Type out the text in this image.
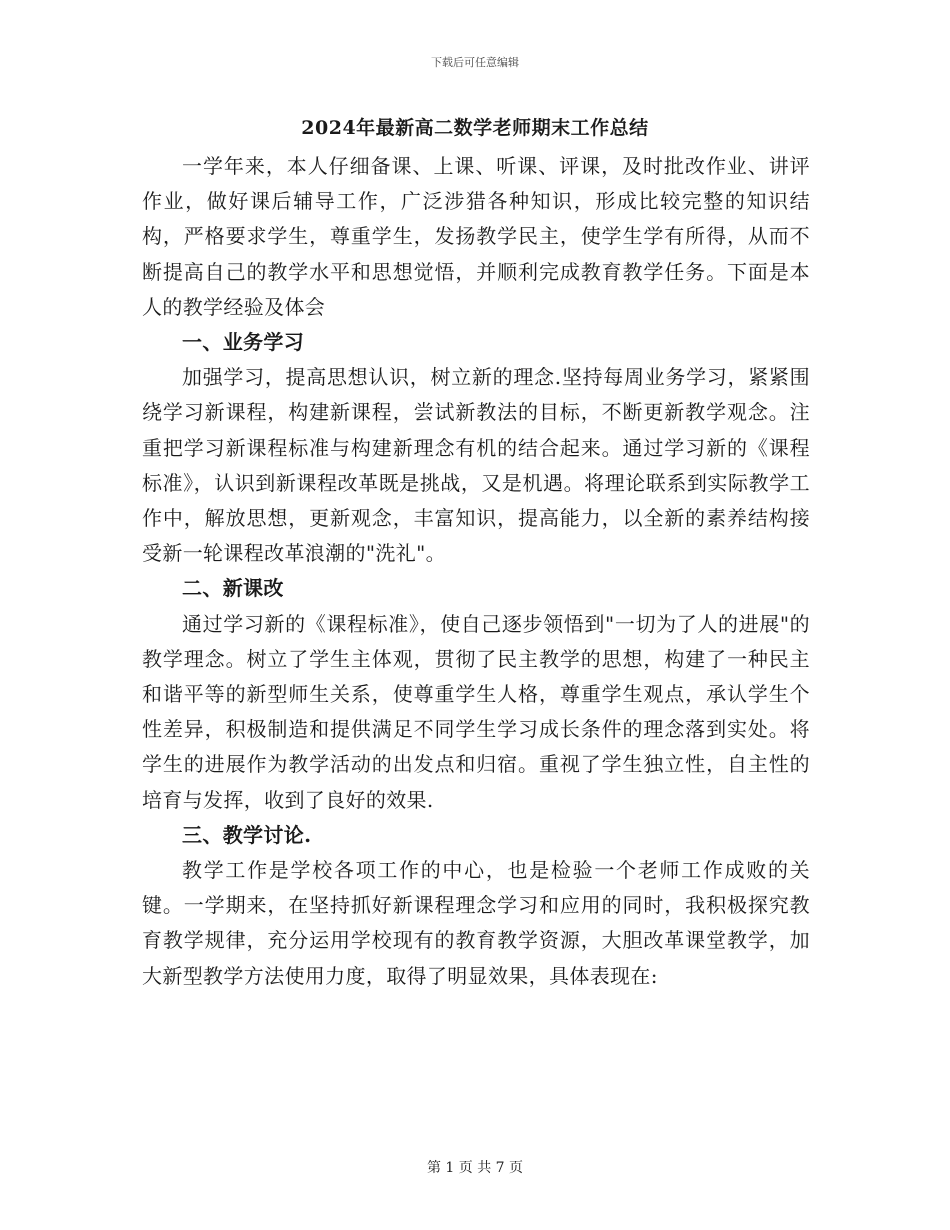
下载后可任意编辑
2024年最新高二数学老师期末工作总结

一学年来，本人仔细备课、上课、听课、评课，及时批改作业、讲评作业，做好课后辅导工作，广泛涉猎各种知识，形成比较完整的知识结构，严格要求学生，尊重学生，发扬教学民主，使学生学有所得，从而不断提高自己的教学水平和思想觉悟，并顺利完成教育教学任务。下面是本人的教学经验及体会

一、业务学习

加强学习，提高思想认识，树立新的理念.坚持每周业务学习，紧紧围绕学习新课程，构建新课程，尝试新教法的目标，不断更新教学观念。注重把学习新课程标准与构建新理念有机的结合起来。通过学习新的《课程标准》，认识到新课程改革既是挑战，又是机遇。将理论联系到实际教学工作中，解放思想，更新观念，丰富知识，提高能力，以全新的素养结构接受新一轮课程改革浪潮的"洗礼"。

二、新课改

通过学习新的《课程标准》，使自己逐步领悟到"一切为了人的进展"的教学理念。树立了学生主体观，贯彻了民主教学的思想，构建了一种民主和谐平等的新型师生关系，使尊重学生人格，尊重学生观点，承认学生个性差异，积极制造和提供满足不同学生学习成长条件的理念落到实处。将学生的进展作为教学活动的出发点和归宿。重视了学生独立性，自主性的培育与发挥，收到了良好的效果.

三、教学讨论.

教学工作是学校各项工作的中心，也是检验一个老师工作成败的关键。一学期来，在坚持抓好新课程理念学习和应用的同时，我积极探究教育教学规律，充分运用学校现有的教育教学资源，大胆改革课堂教学，加大新型教学方法使用力度，取得了明显效果，具体表现在:

第 1 页 共 7 页
